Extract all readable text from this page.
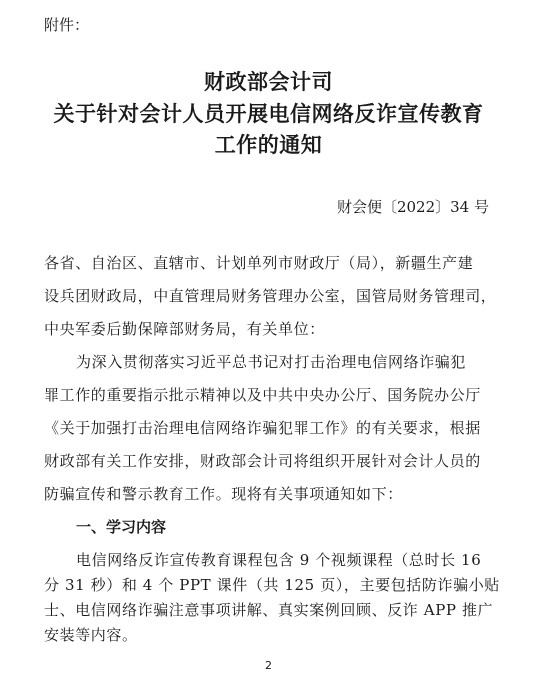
附件：
财政部会计司
关于针对会计人员开展电信网络反诈宣传教育
工作的通知
财会便〔2022〕34 号
各省、自治区、直辖市、计划单列市财政厅（局），新疆生产建
设兵团财政局，中直管理局财务管理办公室，国管局财务管理司，
中央军委后勤保障部财务局，有关单位：
为深入贯彻落实习近平总书记对打击治理电信网络诈骗犯
罪工作的重要指示批示精神以及中共中央办公厅、国务院办公厅
《关于加强打击治理电信网络诈骗犯罪工作》的有关要求，根据
财政部有关工作安排，财政部会计司将组织开展针对会计人员的
防骗宣传和警示教育工作。现将有关事项通知如下：
一、学习内容
电信网络反诈宣传教育课程包含 9 个视频课程（总时长 16
分 31 秒）和 4 个 PPT 课件（共 125 页），主要包括防诈骗小贴
士、电信网络诈骗注意事项讲解、真实案例回顾、反诈 APP 推广
2
安装等内容。
